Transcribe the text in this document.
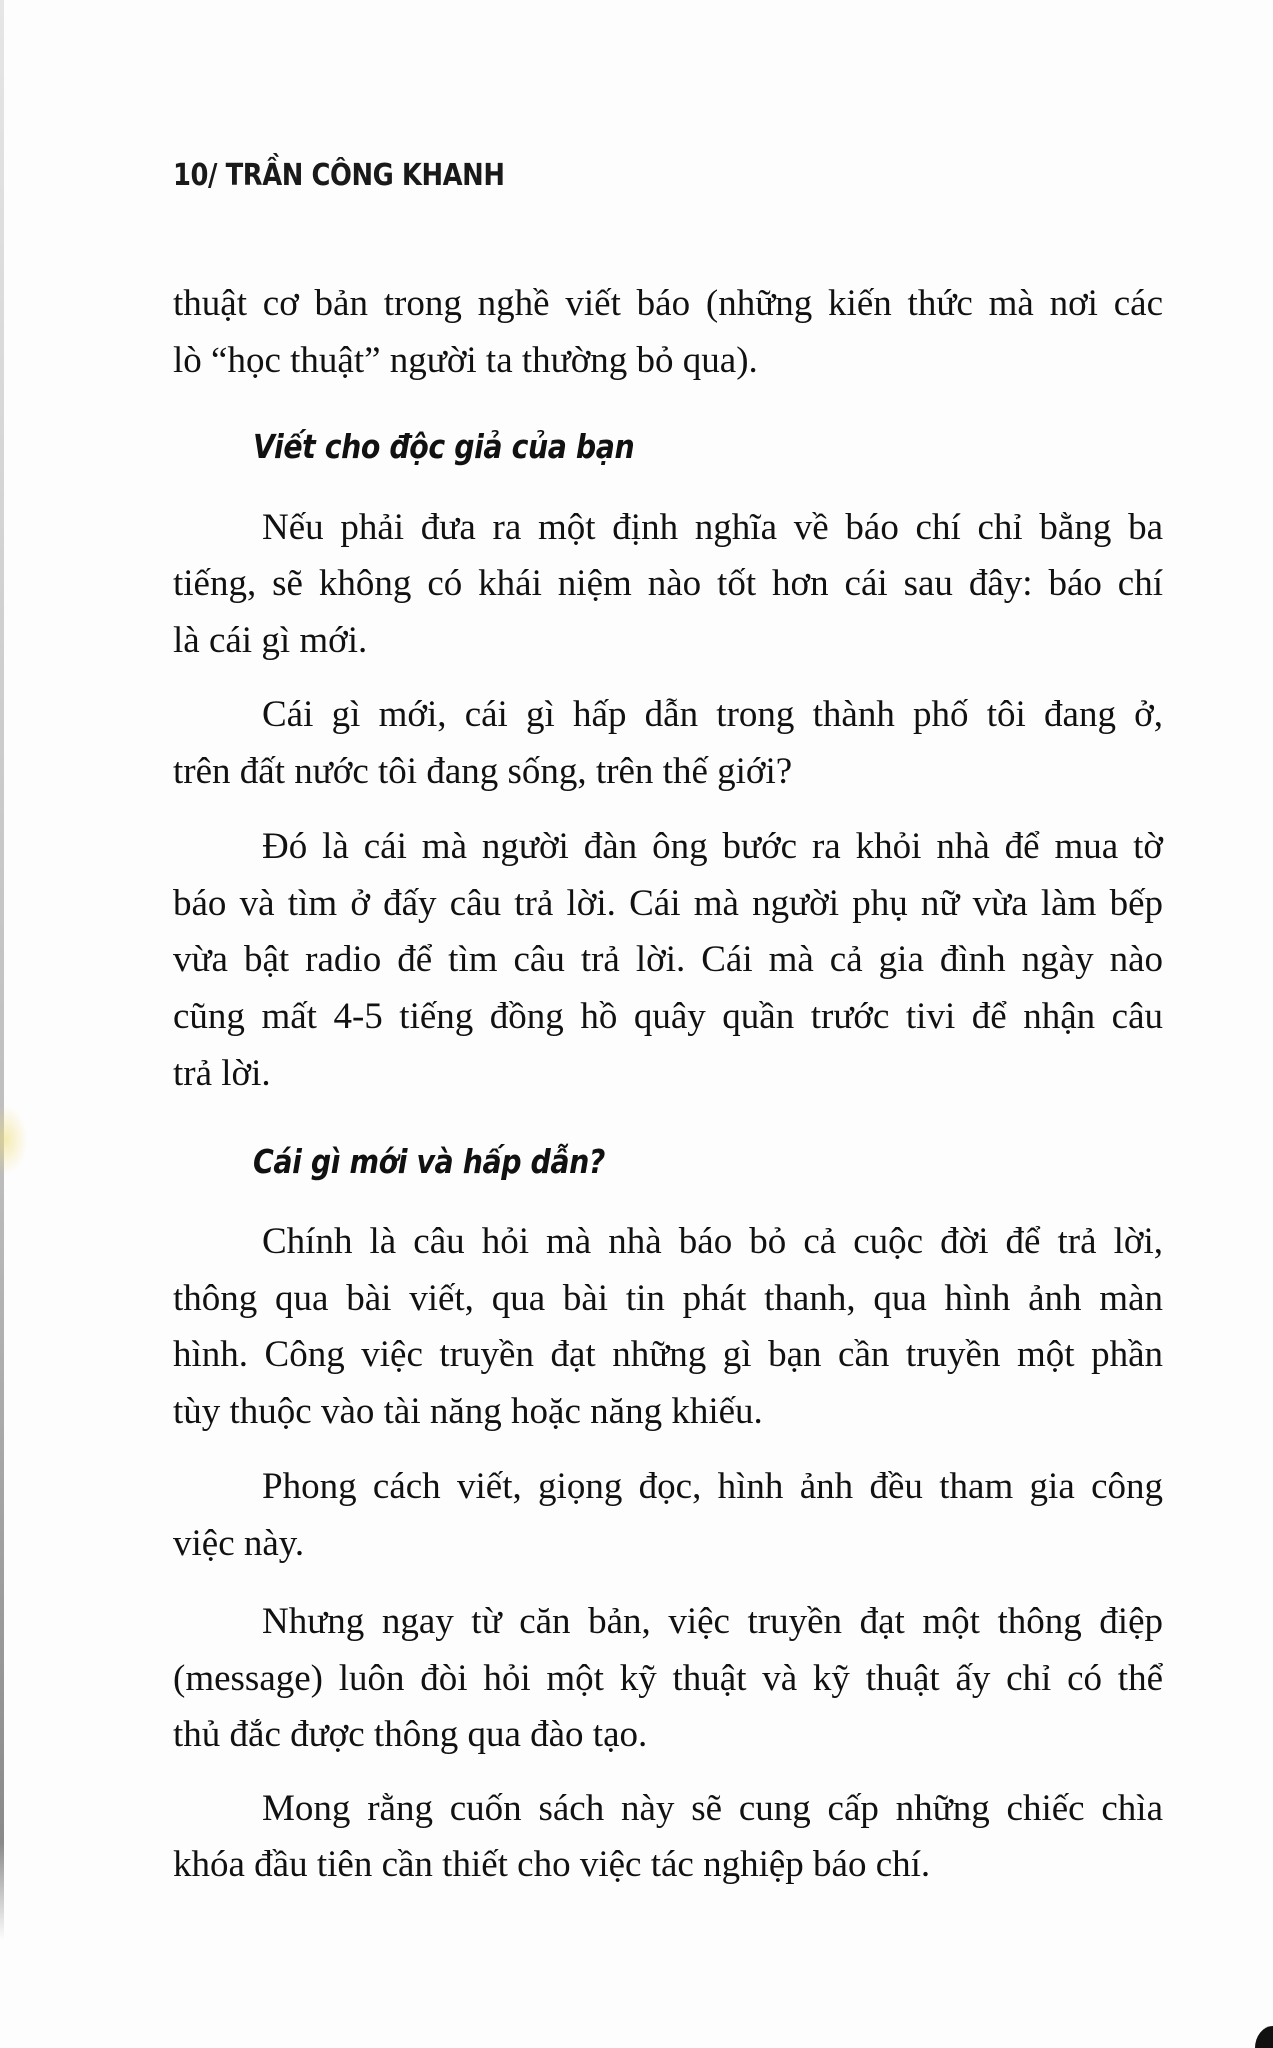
10/ TRẦN CÔNG KHANH
thuật cơ bản trong nghề viết báo (những kiến thức mà nơi các
lò “học thuật” người ta thường bỏ qua).
Viết cho độc giả của bạn
Nếu phải đưa ra một định nghĩa về báo chí chỉ bằng ba
tiếng, sẽ không có khái niệm nào tốt hơn cái sau đây: báo chí
là cái gì mới.
Cái gì mới, cái gì hấp dẫn trong thành phố tôi đang ở,
trên đất nước tôi đang sống, trên thế giới?
Đó là cái mà người đàn ông bước ra khỏi nhà để mua tờ
báo và tìm ở đấy câu trả lời. Cái mà người phụ nữ vừa làm bếp
vừa bật radio để tìm câu trả lời. Cái mà cả gia đình ngày nào
cũng mất 4-5 tiếng đồng hồ quây quần trước tivi để nhận câu
trả lời.
Cái gì mới và hấp dẫn?
Chính là câu hỏi mà nhà báo bỏ cả cuộc đời để trả lời,
thông qua bài viết, qua bài tin phát thanh, qua hình ảnh màn
hình. Công việc truyền đạt những gì bạn cần truyền một phần
tùy thuộc vào tài năng hoặc năng khiếu.
Phong cách viết, giọng đọc, hình ảnh đều tham gia công
việc này.
Nhưng ngay từ căn bản, việc truyền đạt một thông điệp
(message) luôn đòi hỏi một kỹ thuật và kỹ thuật ấy chỉ có thể
thủ đắc được thông qua đào tạo.
Mong rằng cuốn sách này sẽ cung cấp những chiếc chìa
khóa đầu tiên cần thiết cho việc tác nghiệp báo chí.
